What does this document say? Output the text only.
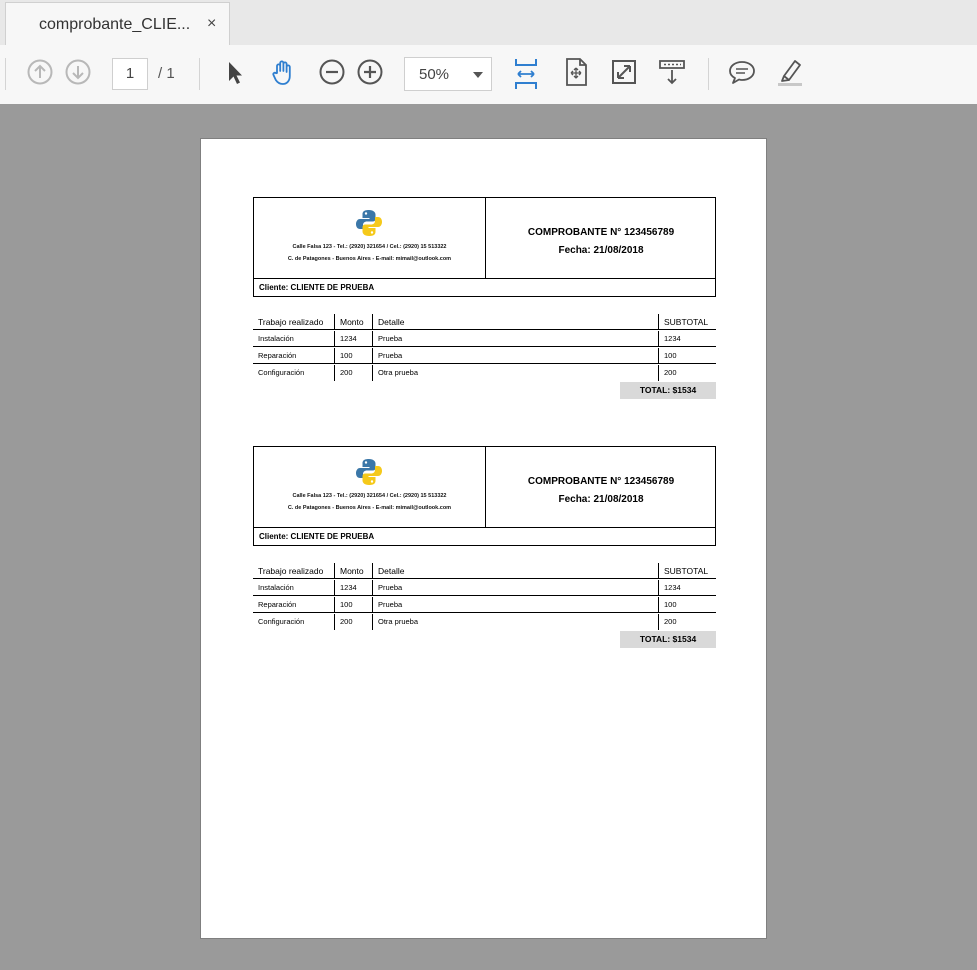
comprobante_CLIE... ×
1	/ 1	50%
Calle Falsa 123 - Tel.: (2920) 321654 / Cel.: (2920) 15 513322
C. de Patagones - Buenos Aires - E-mail: mimail@outlook.com
COMPROBANTE N° 123456789
Fecha: 21/08/2018
Cliente: CLIENTE DE PRUEBA
Trabajo realizado	Monto	Detalle	SUBTOTAL
Instalación	1234	Prueba	1234
Reparación	100	Prueba	100
Configuración	200	Otra prueba	200
TOTAL: $1534
Calle Falsa 123 - Tel.: (2920) 321654 / Cel.: (2920) 15 513322
C. de Patagones - Buenos Aires - E-mail: mimail@outlook.com
COMPROBANTE N° 123456789
Fecha: 21/08/2018
Cliente: CLIENTE DE PRUEBA
Trabajo realizado	Monto	Detalle	SUBTOTAL
Instalación	1234	Prueba	1234
Reparación	100	Prueba	100
Configuración	200	Otra prueba	200
TOTAL: $1534
